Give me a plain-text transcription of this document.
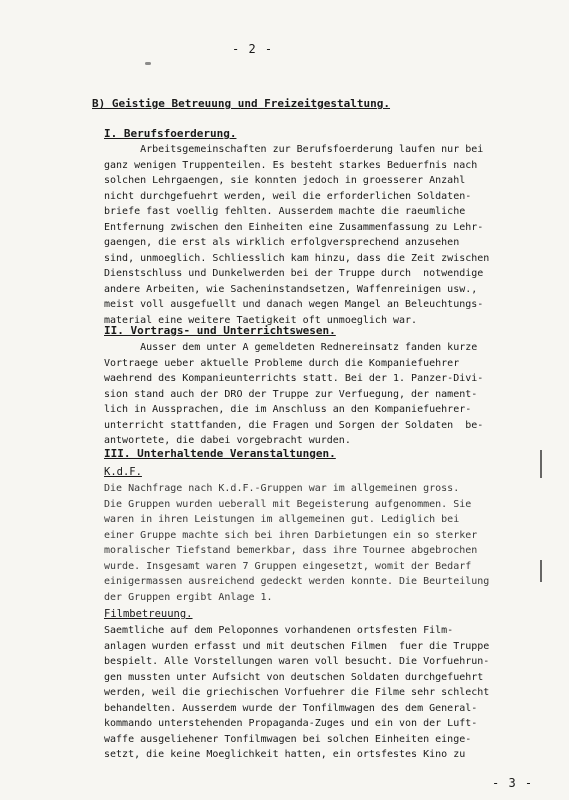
- 2 -
B) Geistige Betreuung und Freizeitgestaltung.
I. Berufsfoerderung.
Arbeitsgemeinschaften zur Berufsfoerderung laufen nur bei
ganz wenigen Truppenteilen. Es besteht starkes Beduerfnis nach
solchen Lehrgaengen, sie konnten jedoch in groesserer Anzahl
nicht durchgefuehrt werden, weil die erforderlichen Soldaten-
briefe fast voellig fehlten. Ausserdem machte die raeumliche
Entfernung zwischen den Einheiten eine Zusammenfassung zu Lehr-
gaengen, die erst als wirklich erfolgversprechend anzusehen
sind, unmoeglich. Schliesslich kam hinzu, dass die Zeit zwischen
Dienstschluss und Dunkelwerden bei der Truppe durch  notwendige
andere Arbeiten, wie Sacheninstandsetzen, Waffenreinigen usw.,
meist voll ausgefuellt und danach wegen Mangel an Beleuchtungs-
material eine weitere Taetigkeit oft unmoeglich war.
II. Vortrags- und Unterrichtswesen.
Ausser dem unter A gemeldeten Rednereinsatz fanden kurze
Vortraege ueber aktuelle Probleme durch die Kompaniefuehrer
waehrend des Kompanieunterrichts statt. Bei der 1. Panzer-Divi-
sion stand auch der DRO der Truppe zur Verfuegung, der nament-
lich in Aussprachen, die im Anschluss an den Kompaniefuehrer-
unterricht stattfanden, die Fragen und Sorgen der Soldaten  be-
antwortete, die dabei vorgebracht wurden.
III. Unterhaltende Veranstaltungen.
K.d.F.
Die Nachfrage nach K.d.F.-Gruppen war im allgemeinen gross.
Die Gruppen wurden ueberall mit Begeisterung aufgenommen. Sie
waren in ihren Leistungen im allgemeinen gut. Lediglich bei
einer Gruppe machte sich bei ihren Darbietungen ein so sterker
moralischer Tiefstand bemerkbar, dass ihre Tournee abgebrochen
wurde. Insgesamt waren 7 Gruppen eingesetzt, womit der Bedarf
einigermassen ausreichend gedeckt werden konnte. Die Beurteilung
der Gruppen ergibt Anlage 1.
Filmbetreuung.
Saemtliche auf dem Peloponnes vorhandenen ortsfesten Film-
anlagen wurden erfasst und mit deutschen Filmen  fuer die Truppe
bespielt. Alle Vorstellungen waren voll besucht. Die Vorfuehrun-
gen mussten unter Aufsicht von deutschen Soldaten durchgefuehrt
werden, weil die griechischen Vorfuehrer die Filme sehr schlecht
behandelten. Ausserdem wurde der Tonfilmwagen des dem General-
kommando unterstehenden Propaganda-Zuges und ein von der Luft-
waffe ausgeliehener Tonfilmwagen bei solchen Einheiten einge-
setzt, die keine Moeglichkeit hatten, ein ortsfestes Kino zu
- 3 -
